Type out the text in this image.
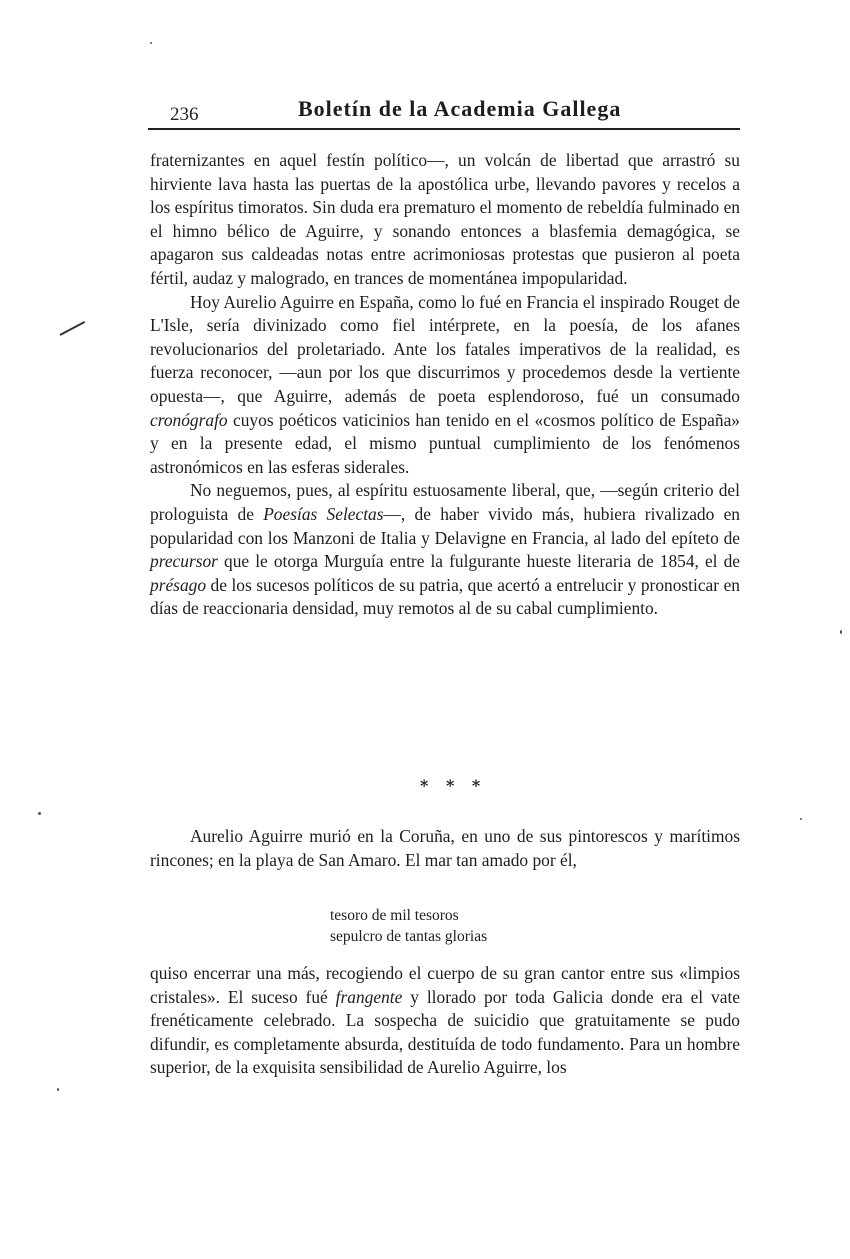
236	Boletín de la Academia Gallega

fraternizantes en aquel festín político—, un volcán de libertad que arrastró su hirviente lava hasta las puertas de la apostólica urbe, llevando pavores y recelos a los espíritus timoratos. Sin duda era prematuro el momento de rebeldía fulminado en el himno bélico de Aguirre, y sonando entonces a blasfemia demagógica, se apagaron sus caldeadas notas entre acrimoniosas protestas que pusieron al poeta fértil, audaz y malogrado, en trances de momentánea impopularidad.

Hoy Aurelio Aguirre en España, como lo fué en Francia el inspirado Rouget de L'Isle, sería divinizado como fiel intérprete, en la poesía, de los afanes revolucionarios del proletariado. Ante los fatales imperativos de la realidad, es fuerza reconocer, —aun por los que discurrimos y procedemos desde la vertiente opuesta—, que Aguirre, además de poeta esplendoroso, fué un consumado cronógrafo cuyos poéticos vaticinios han tenido en el «cosmos político de España» y en la presente edad, el mismo puntual cumplimiento de los fenómenos astronómicos en las esferas siderales.

No neguemos, pues, al espíritu estuosamente liberal, que, —según criterio del prologuista de Poesías Selectas—, de haber vivido más, hubiera rivalizado en popularidad con los Manzoni de Italia y Delavigne en Francia, al lado del epíteto de precursor que le otorga Murguía entre la fulgurante hueste literaria de 1854, el de présago de los sucesos políticos de su patria, que acertó a entrelucir y pronosticar en días de reaccionaria densidad, muy remotos al de su cabal cumplimiento.

* * *

Aurelio Aguirre murió en la Coruña, en uno de sus pintorescos y marítimos rincones; en la playa de San Amaro. El mar tan amado por él,

tesoro de mil tesoros
sepulcro de tantas glorias

quiso encerrar una más, recogiendo el cuerpo de su gran cantor entre sus «limpios cristales». El suceso fué frangente y llorado por toda Galicia donde era el vate frenéticamente celebrado. La sospecha de suicidio que gratuitamente se pudo difundir, es completamente absurda, destituída de todo fundamento. Para un hombre superior, de la exquisita sensibilidad de Aurelio Aguirre, los
